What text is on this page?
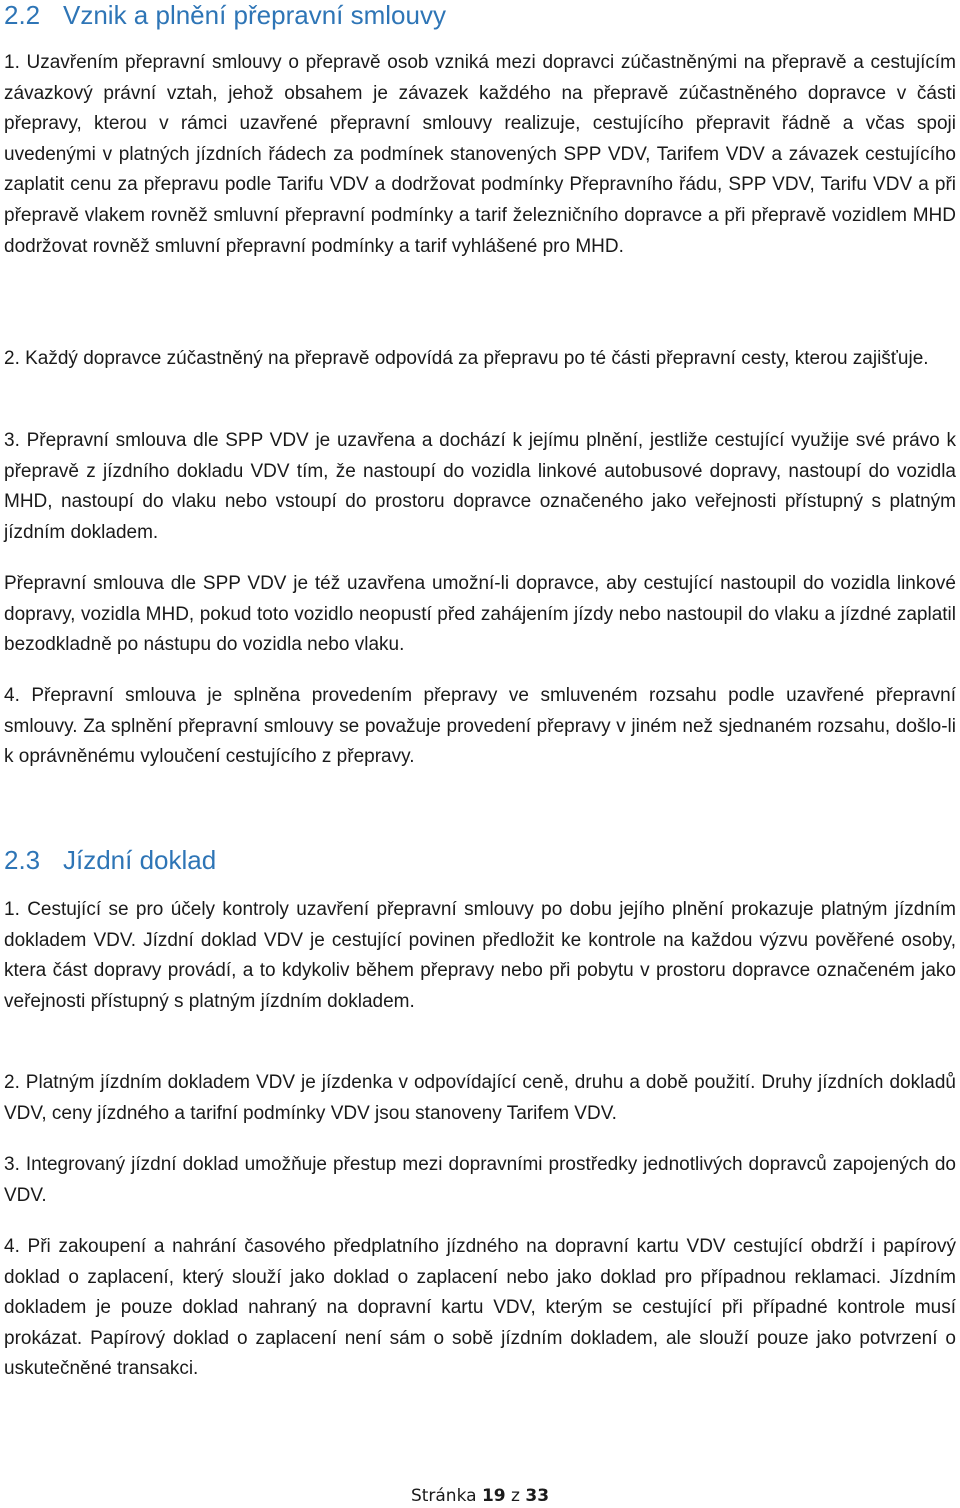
2.2 Vznik a plnění přepravní smlouvy

1. Uzavřením přepravní smlouvy o přepravě osob vzniká mezi dopravci zúčastněnými na přepravě a cestujícím závazkový právní vztah, jehož obsahem je závazek každého na přepravě zúčastněného dopravce v části přepravy, kterou v rámci uzavřené přepravní smlouvy realizuje, cestujícího přepravit řádně a včas spoji uvedenými v platných jízdních řádech za podmínek stanovených SPP VDV, Tarifem VDV a závazek cestujícího zaplatit cenu za přepravu podle Tarifu VDV a dodržovat podmínky Přepravního řádu, SPP VDV, Tarifu VDV a při přepravě vlakem rovněž smluvní přepravní podmínky a tarif železničního dopravce a při přepravě vozidlem MHD dodržovat rovněž smluvní přepravní podmínky a tarif vyhlášené pro MHD.

2. Každý dopravce zúčastněný na přepravě odpovídá za přepravu po té části přepravní cesty, kterou zajišťuje.

3. Přepravní smlouva dle SPP VDV je uzavřena a dochází k jejímu plnění, jestliže cestující využije své právo k přepravě z jízdního dokladu VDV tím, že nastoupí do vozidla linkové autobusové dopravy, nastoupí do vozidla MHD, nastoupí do vlaku nebo vstoupí do prostoru dopravce označeného jako veřejnosti přístupný s platným jízdním dokladem.

Přepravní smlouva dle SPP VDV je též uzavřena umožní-li dopravce, aby cestující nastoupil do vozidla linkové dopravy, vozidla MHD, pokud toto vozidlo neopustí před zahájením jízdy nebo nastoupil do vlaku a jízdné zaplatil bezodkladně po nástupu do vozidla nebo vlaku.

4. Přepravní smlouva je splněna provedením přepravy ve smluveném rozsahu podle uzavřené přepravní smlouvy. Za splnění přepravní smlouvy se považuje provedení přepravy v jiném než sjednaném rozsahu, došlo-li k oprávněnému vyloučení cestujícího z přepravy.

2.3 Jízdní doklad

1. Cestující se pro účely kontroly uzavření přepravní smlouvy po dobu jejího plnění prokazuje platným jízdním dokladem VDV. Jízdní doklad VDV je cestující povinen předložit ke kontrole na každou výzvu pověřené osoby, ktera část dopravy provádí, a to kdykoliv během přepravy nebo při pobytu v prostoru dopravce označeném jako veřejnosti přístupný s platným jízdním dokladem.

2. Platným jízdním dokladem VDV je jízdenka v odpovídající ceně, druhu a době použití. Druhy jízdních dokladů VDV, ceny jízdného a tarifní podmínky VDV jsou stanoveny Tarifem VDV.

3. Integrovaný jízdní doklad umožňuje přestup mezi dopravními prostředky jednotlivých dopravců zapojených do VDV.

4. Při zakoupení a nahrání časového předplatního jízdného na dopravní kartu VDV cestující obdrží i papírový doklad o zaplacení, který slouží jako doklad o zaplacení nebo jako doklad pro případnou reklamaci. Jízdním dokladem je pouze doklad nahraný na dopravní kartu VDV, kterým se cestující při případné kontrole musí prokázat. Papírový doklad o zaplacení není sám o sobě jízdním dokladem, ale slouží pouze jako potvrzení o uskutečněné transakci.

Stránka 19 z 33
